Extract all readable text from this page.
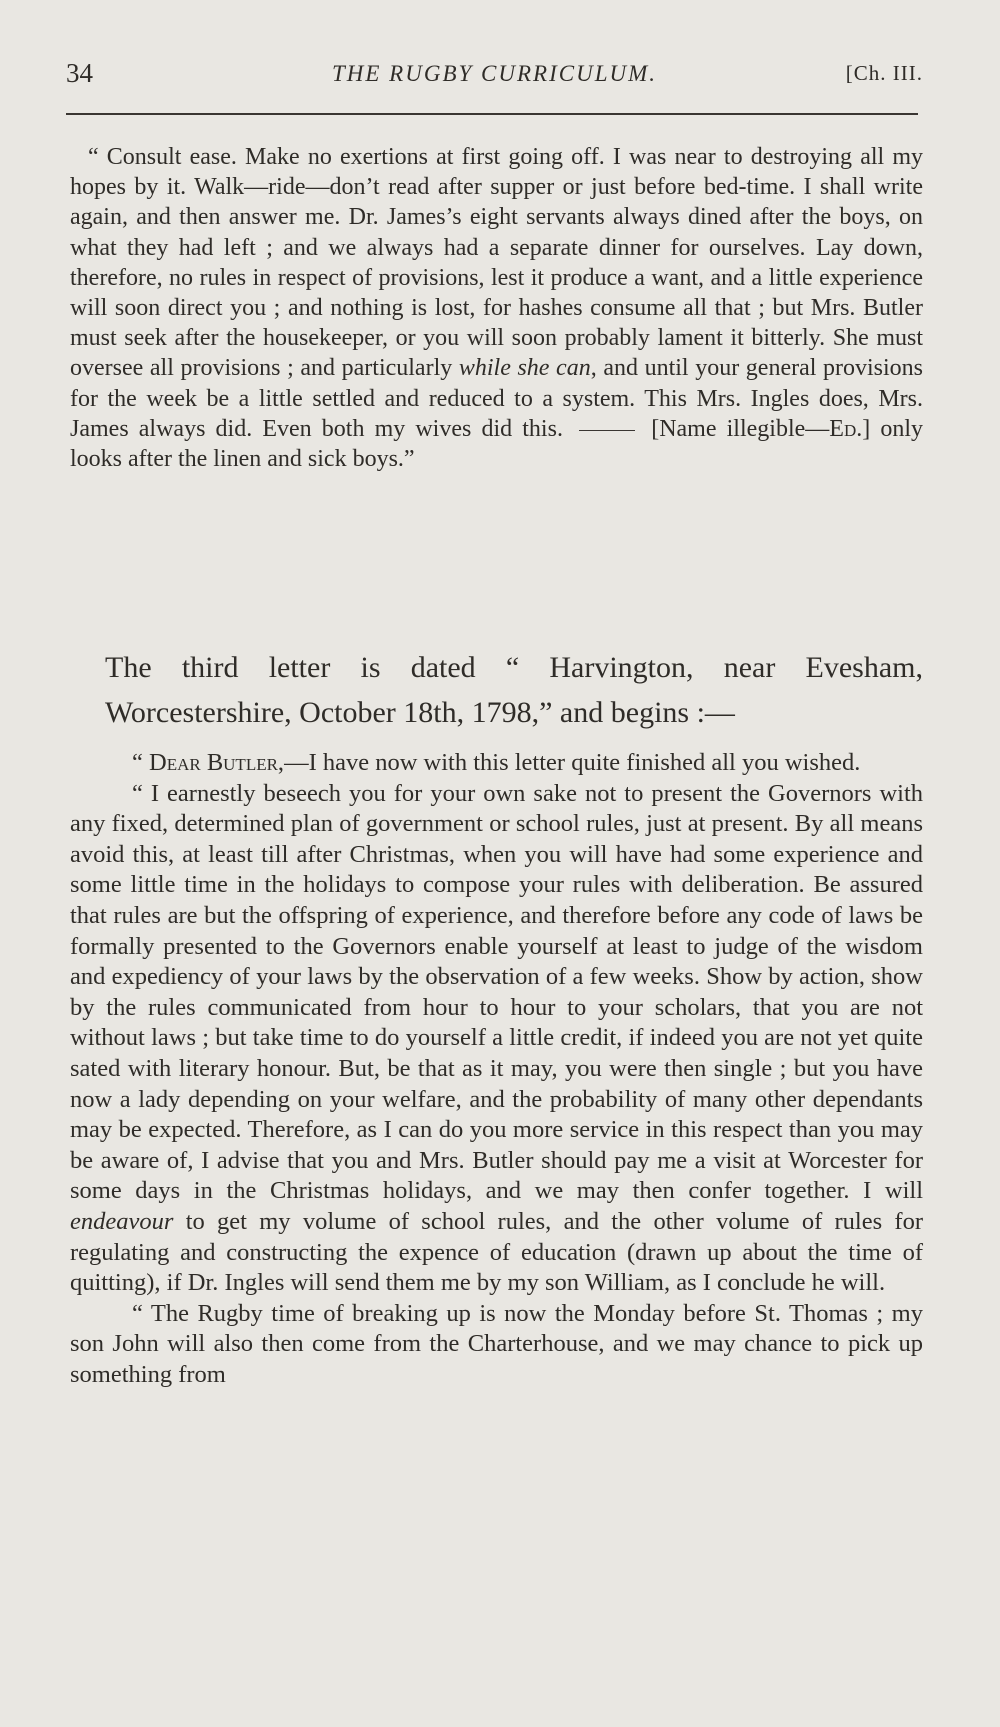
34	THE RUGBY CURRICULUM.	[Ch. III.

“ Consult ease. Make no exertions at first going off. I was near to destroying all my hopes by it. Walk—ride—don’t read after supper or just before bed-time. I shall write again, and then answer me. Dr. James’s eight servants always dined after the boys, on what they had left ; and we always had a separate dinner for ourselves. Lay down, therefore, no rules in respect of provisions, lest it produce a want, and a little experience will soon direct you ; and nothing is lost, for hashes consume all that ; but Mrs. Butler must seek after the housekeeper, or you will soon probably lament it bitterly. She must oversee all provisions ; and particularly while she can, and until your general provisions for the week be a little settled and reduced to a system. This Mrs. Ingles does, Mrs. James always did. Even both my wives did this.	[Name illegible—Ed.] only looks after the linen and sick boys.”

The third letter is dated “ Harvington, near Evesham, Worcestershire, October 18th, 1798,” and begins :—

“ Dear Butler,—I have now with this letter quite finished all you wished.

“ I earnestly beseech you for your own sake not to present the Governors with any fixed, determined plan of government or school rules, just at present. By all means avoid this, at least till after Christmas, when you will have had some experience and some little time in the holidays to compose your rules with deliberation. Be assured that rules are but the offspring of experience, and therefore before any code of laws be formally presented to the Governors enable yourself at least to judge of the wisdom and expediency of your laws by the observation of a few weeks. Show by action, show by the rules communicated from hour to hour to your scholars, that you are not without laws ; but take time to do yourself a little credit, if indeed you are not yet quite sated with literary honour. But, be that as it may, you were then single ; but you have now a lady depending on your welfare, and the probability of many other dependants may be expected. Therefore, as I can do you more service in this respect than you may be aware of, I advise that you and Mrs. Butler should pay me a visit at Worcester for some days in the Christmas holidays, and we may then confer together. I will endeavour to get my volume of school rules, and the other volume of rules for regulating and constructing the expence of education (drawn up about the time of quitting), if Dr. Ingles will send them me by my son William, as I conclude he will.

“ The Rugby time of breaking up is now the Monday before St. Thomas ; my son John will also then come from the Charterhouse, and we may chance to pick up something from
